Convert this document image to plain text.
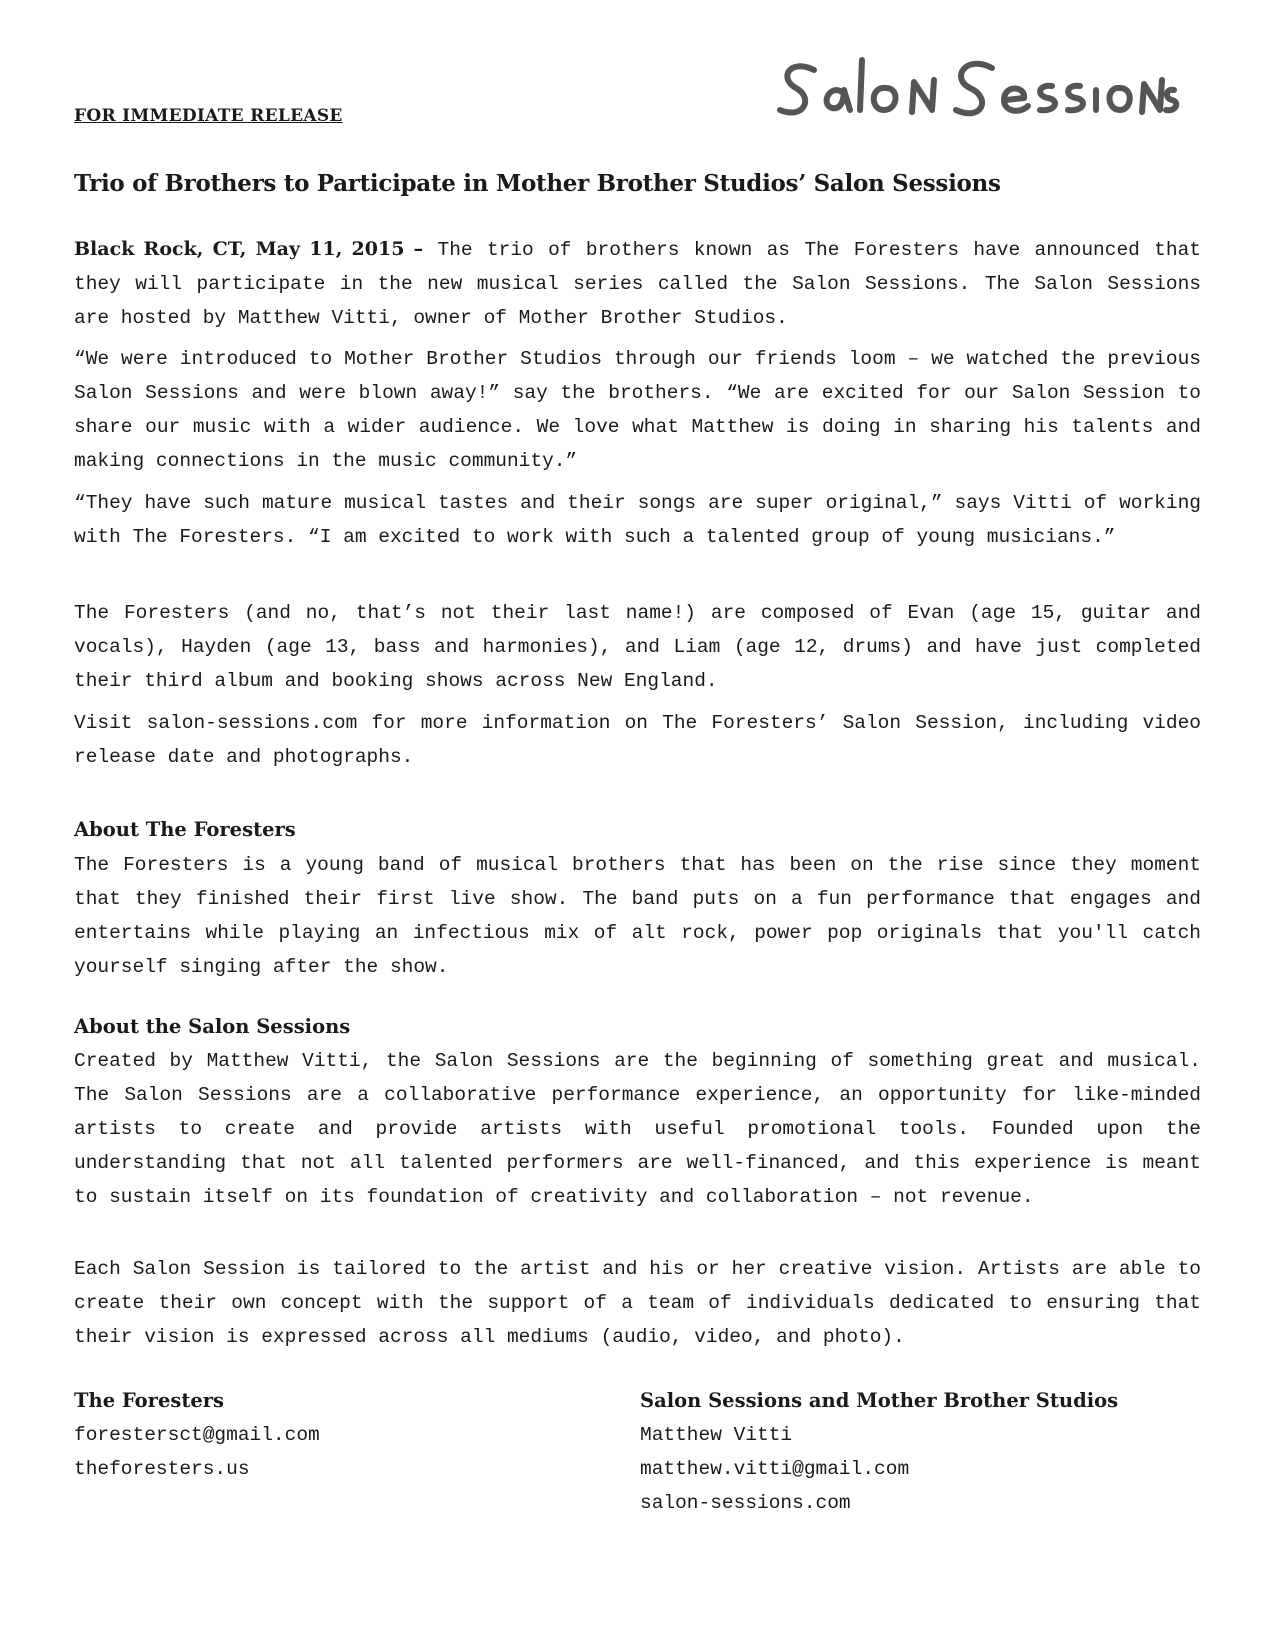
FOR IMMEDIATE RELEASE
Trio of Brothers to Participate in Mother Brother Studios’ Salon Sessions

Black Rock, CT, May 11, 2015 – The trio of brothers known as The Foresters have announced that they will participate in the new musical series called the Salon Sessions. The Salon Sessions are hosted by Matthew Vitti, owner of Mother Brother Studios.

“We were introduced to Mother Brother Studios through our friends loom – we watched the previous Salon Sessions and were blown away!” say the brothers. “We are excited for our Salon Session to share our music with a wider audience. We love what Matthew is doing in sharing his talents and making connections in the music community.”
“They have such mature musical tastes and their songs are super original,” says Vitti of working with The Foresters. “I am excited to work with such a talented group of young musicians.”
The Foresters (and no, that’s not their last name!) are composed of Evan (age 15, guitar and vocals), Hayden (age 13, bass and harmonies), and Liam (age 12, drums) and have just completed their third album and booking shows across New England.
Visit salon-sessions.com for more information on The Foresters’ Salon Session, including video release date and photographs.
About The Foresters
The Foresters is a young band of musical brothers that has been on the rise since they moment that they finished their first live show. The band puts on a fun performance that engages and entertains while playing an infectious mix of alt rock, power pop originals that you'll catch yourself singing after the show.
About the Salon Sessions
Created by Matthew Vitti, the Salon Sessions are the beginning of something great and musical. The Salon Sessions are a collaborative performance experience, an opportunity for like-minded artists to create and provide artists with useful promotional tools. Founded upon the understanding that not all talented performers are well-financed, and this experience is meant to sustain itself on its foundation of creativity and collaboration – not revenue.
Each Salon Session is tailored to the artist and his or her creative vision. Artists are able to create their own concept with the support of a team of individuals dedicated to ensuring that their vision is expressed across all mediums (audio, video, and photo).
The Foresters
forestersct@gmail.com
theforesters.us
Salon Sessions and Mother Brother Studios
Matthew Vitti
matthew.vitti@gmail.com
salon-sessions.com
